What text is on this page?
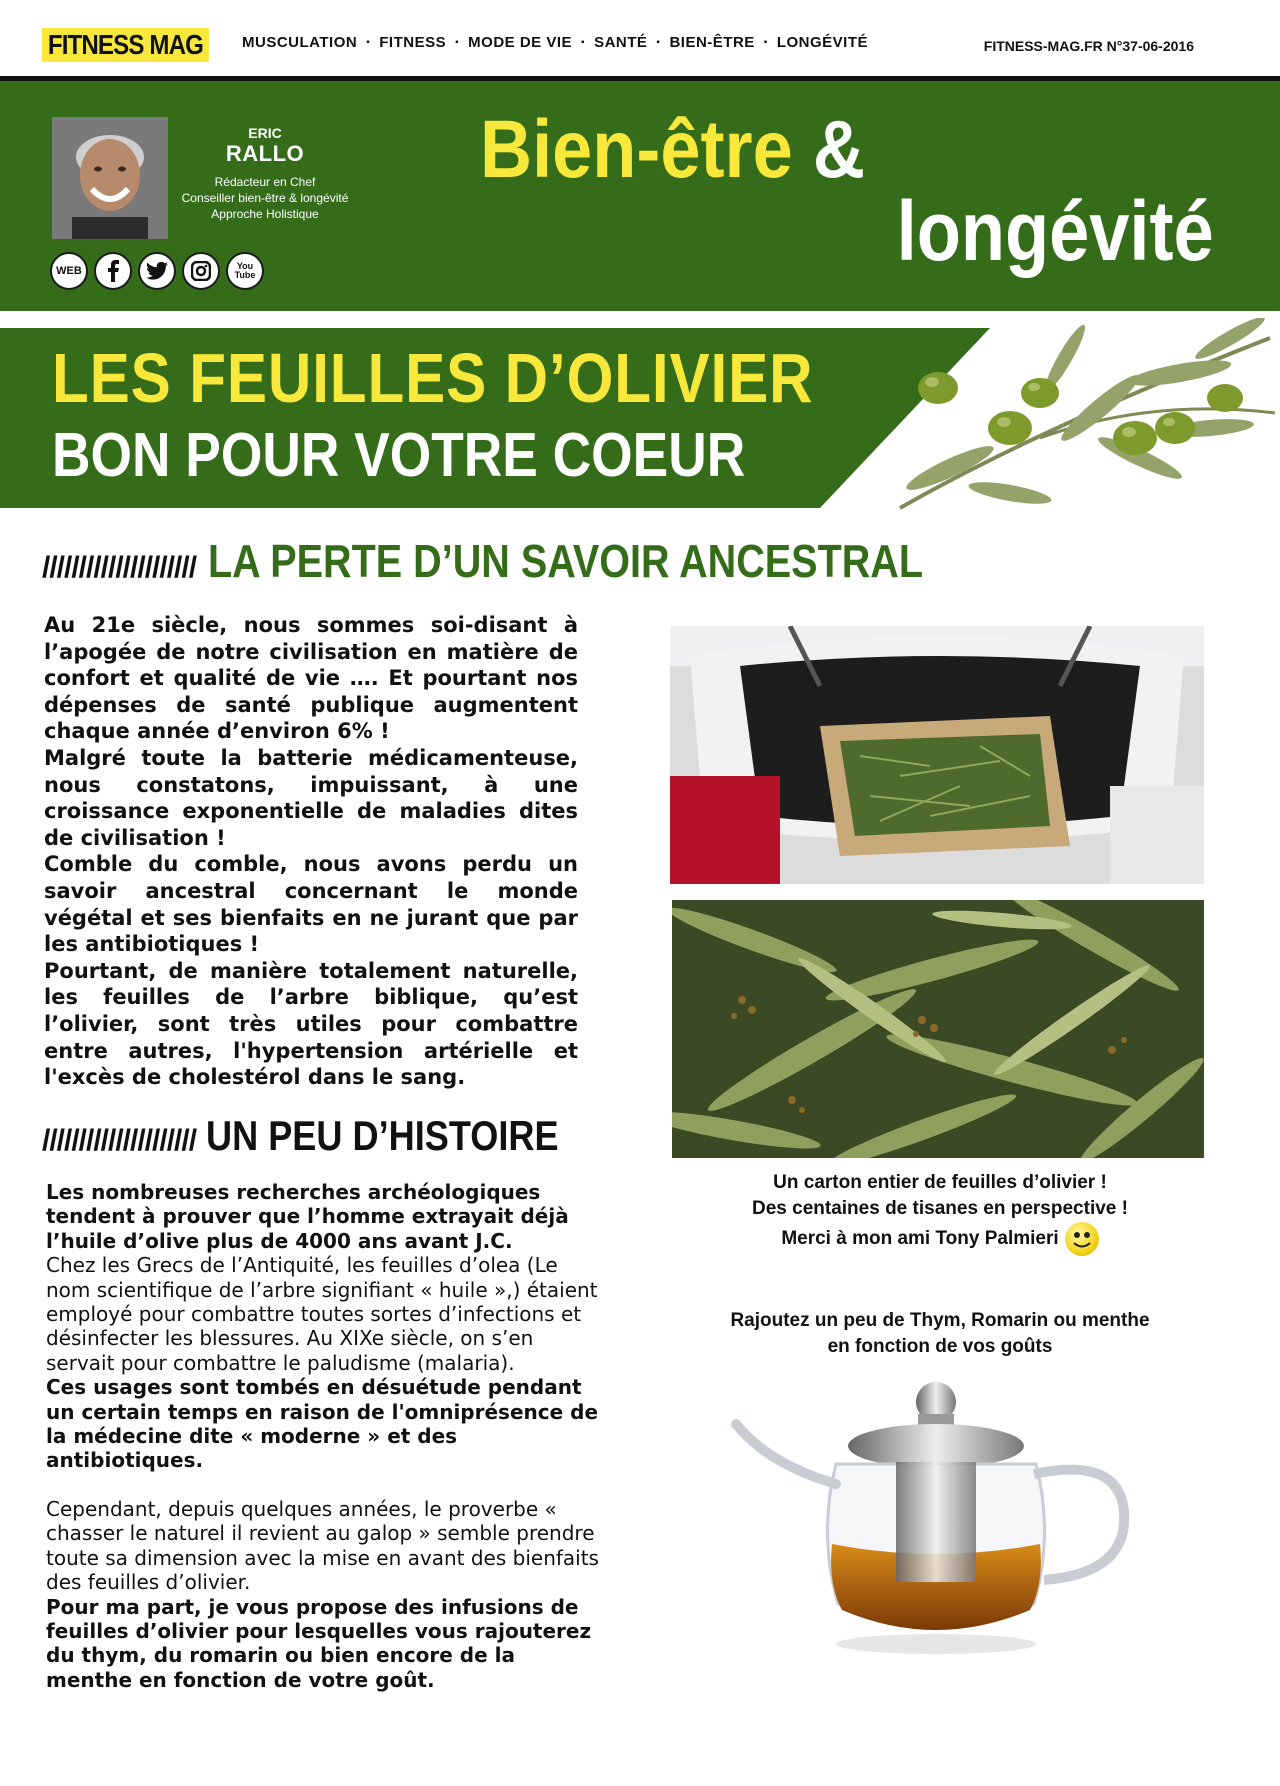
FITNESS MAG	MUSCULATION ▪ FITNESS ▪ MODE DE VIE ▪ SANTÉ ▪ BIEN-ÊTRE ▪ LONGÉVITÉ	FITNESS-MAG.FR N°37-06-2016
ERIC
RALLO
Rédacteur en Chef
Conseiller bien-être & longévité
Approche Holistique
WEB	You
Tube
Bien-être &
longévité
LES FEUILLES D’OLIVIER
BON POUR VOTRE COEUR
///////////////////// LA PERTE D’UN SAVOIR ANCESTRAL

Au 21e siècle, nous sommes soi-disant à l’apogée de notre civilisation en matière de confort et qualité de vie …. Et pourtant nos dépenses de santé publique augmentent chaque année d’environ 6% !

Malgré toute la batterie médicamenteuse, nous constatons, impuissant, à une croissance exponentielle de maladies dites de civilisation !

Comble du comble, nous avons perdu un savoir ancestral concernant le monde végétal et ses bienfaits en ne jurant que par les antibiotiques !

Pourtant, de manière totalement naturelle, les feuilles de l’arbre biblique, qu’est l’olivier, sont très utiles pour combattre entre autres, l'hypertension artérielle et l'excès de cholestérol dans le sang.

///////////////////// UN PEU D’HISTOIRE

Les nombreuses recherches archéologiques tendent à prouver que l’homme extrayait déjà l’huile d’olive plus de 4000 ans avant J.C.

Chez les Grecs de l’Antiquité, les feuilles d’olea (Le nom scientifique de l’arbre signifiant « huile »,) étaient employé pour combattre toutes sortes d’infections et désinfecter les blessures. Au XIXe siècle, on s’en servait pour combattre le paludisme (malaria).

Ces usages sont tombés en désuétude pendant un certain temps en raison de l'omniprésence de la médecine dite « moderne » et des antibiotiques.

Cependant, depuis quelques années, le proverbe « chasser le naturel il revient au galop » semble prendre toute sa dimension avec la mise en avant des bienfaits des feuilles d’olivier.

Pour ma part, je vous propose des infusions de feuilles d’olivier pour lesquelles vous rajouterez du thym, du romarin ou bien encore de la menthe en fonction de votre goût.

Un carton entier de feuilles d’olivier !
Des centaines de tisanes en perspective !
Merci à mon ami Tony Palmieri
Rajoutez un peu de Thym, Romarin ou menthe
en fonction de vos goûts
